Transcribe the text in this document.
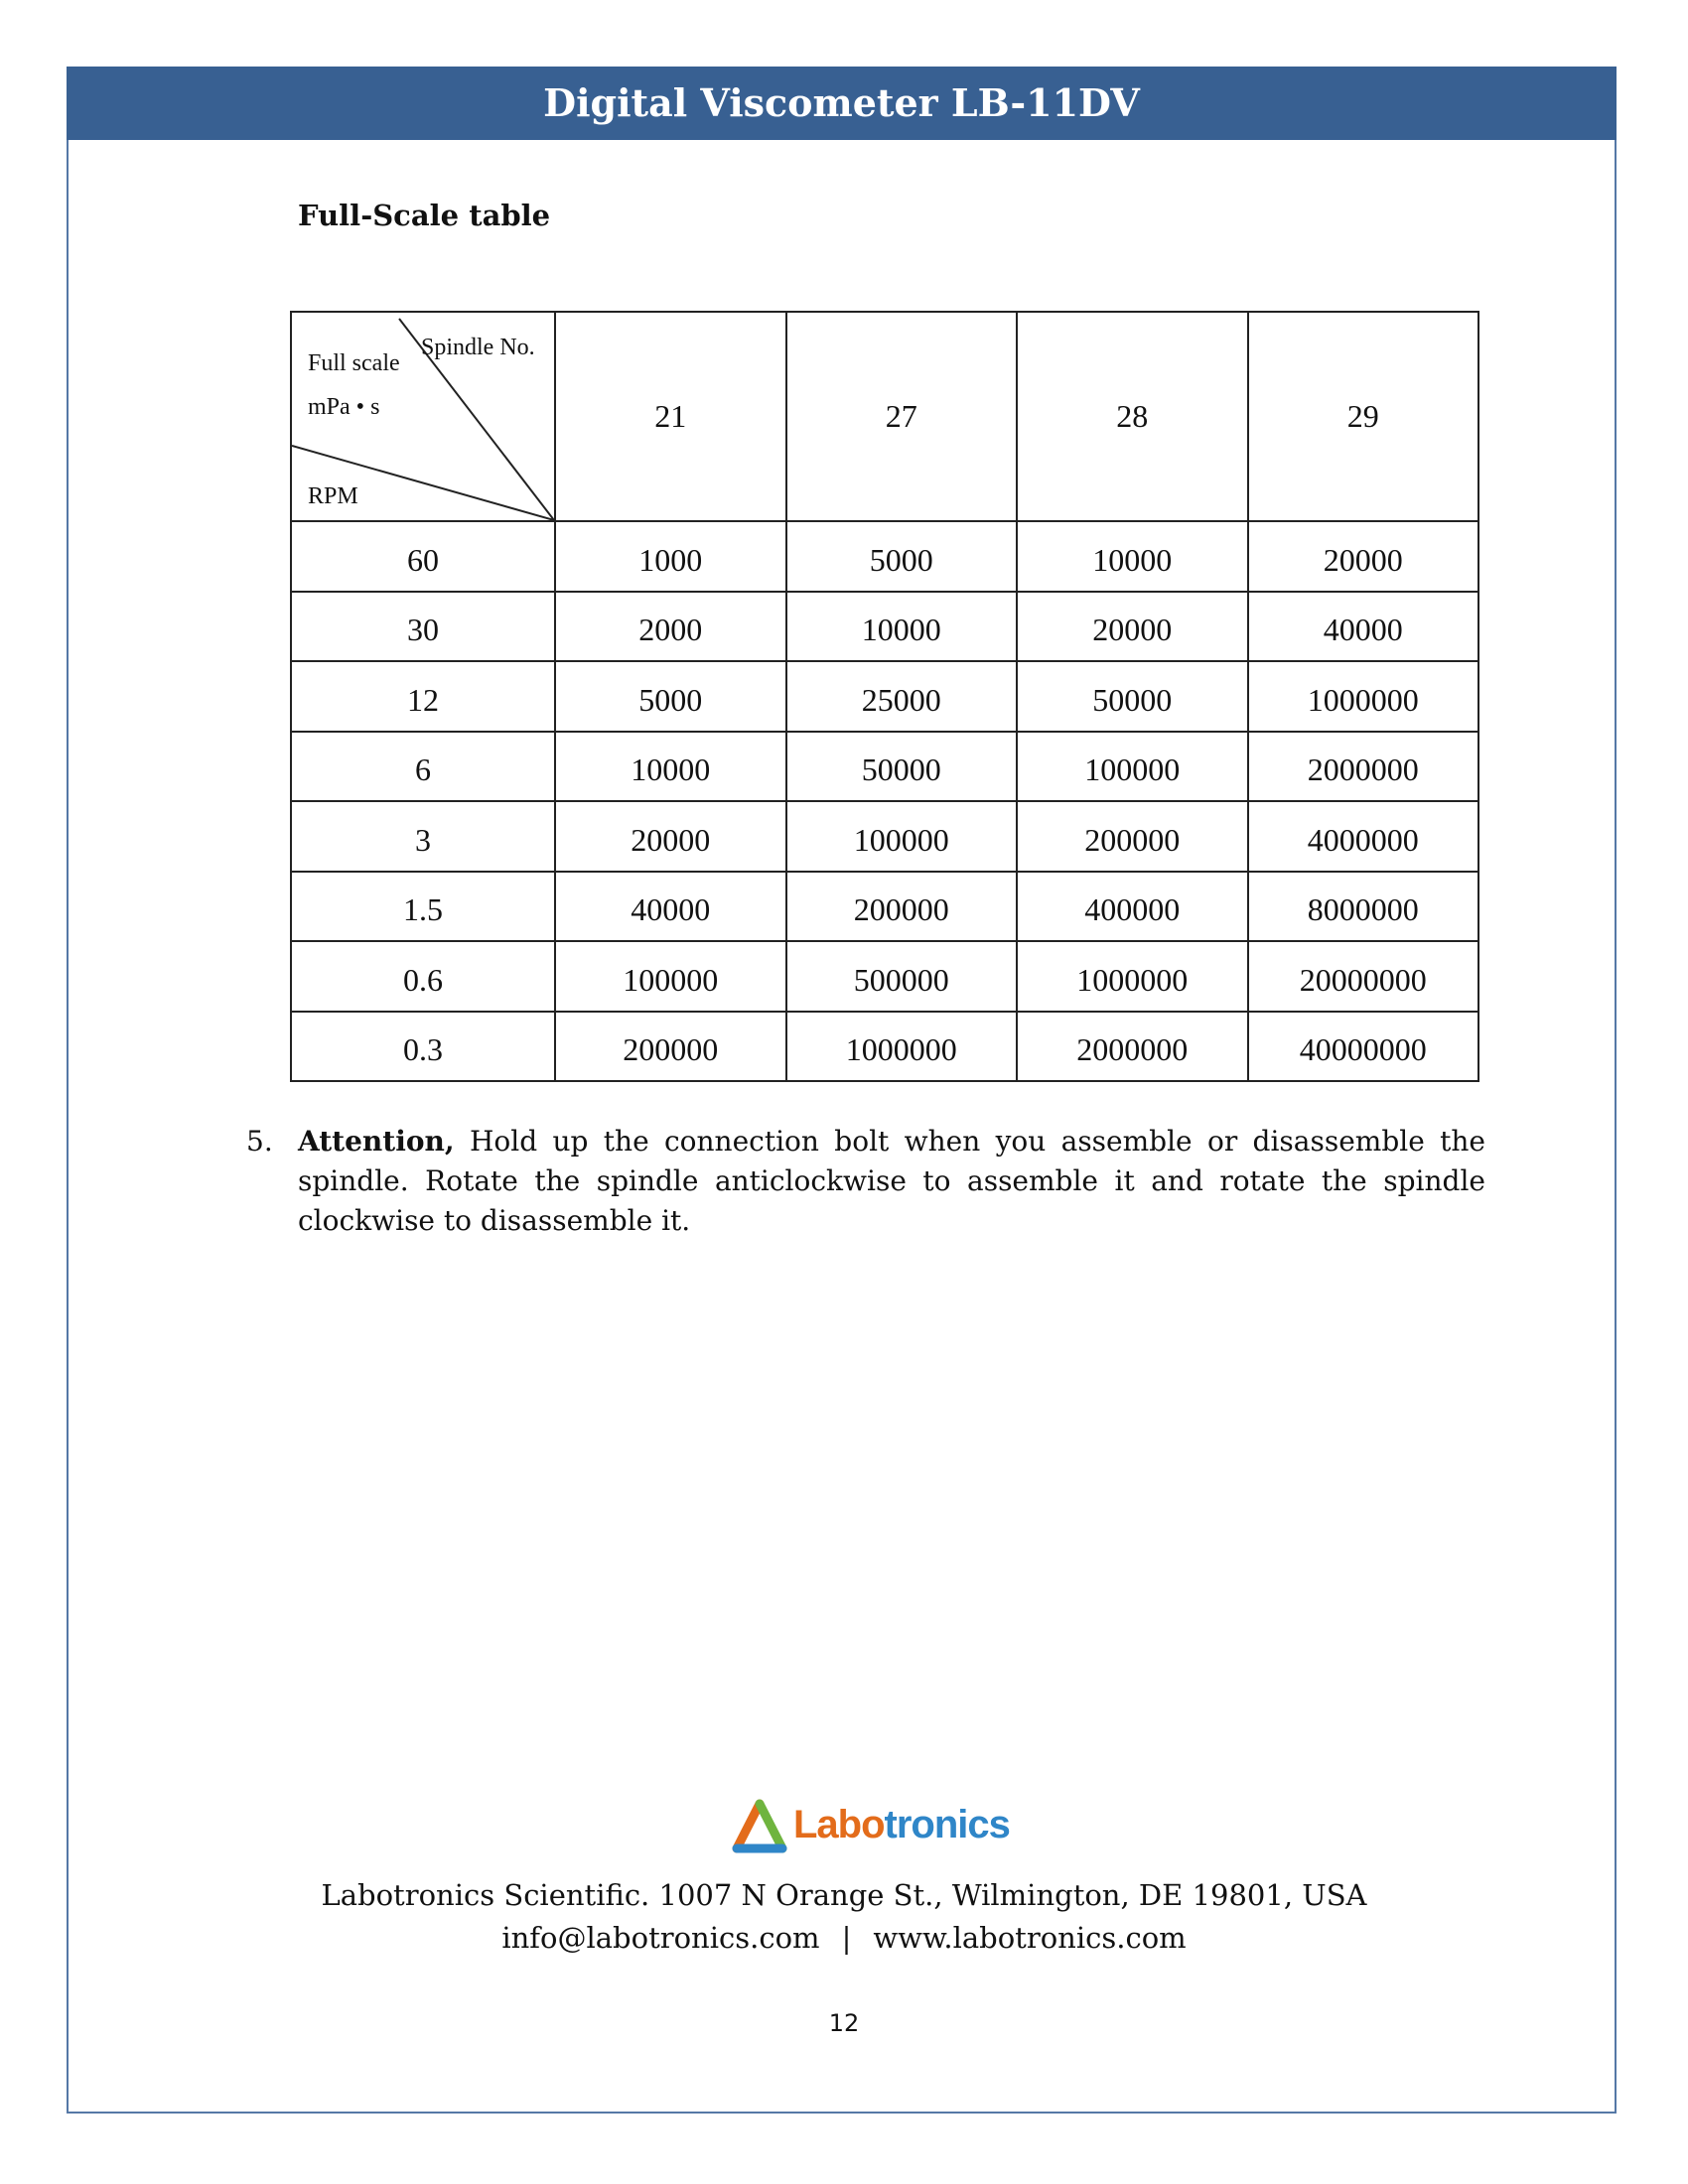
Digital Viscometer LB-11DV
Full-Scale table
Spindle No.
Full scale
mPa • s
RPM	21	27	28	29
60	1000	5000	10000	20000
30	2000	10000	20000	40000
12	5000	25000	50000	1000000
6	10000	50000	100000	2000000
3	20000	100000	200000	4000000
1.5	40000	200000	400000	8000000
0.6	100000	500000	1000000	20000000
0.3	200000	1000000	2000000	40000000
5. Attention, Hold up the connection bolt when you assemble or disassemble the spindle. Rotate the spindle anticlockwise to assemble it and rotate the spindle clockwise to disassemble it.
Labotronics
Labotronics Scientific. 1007 N Orange St., Wilmington, DE 19801, USA
info@labotronics.com | www.labotronics.com
12
